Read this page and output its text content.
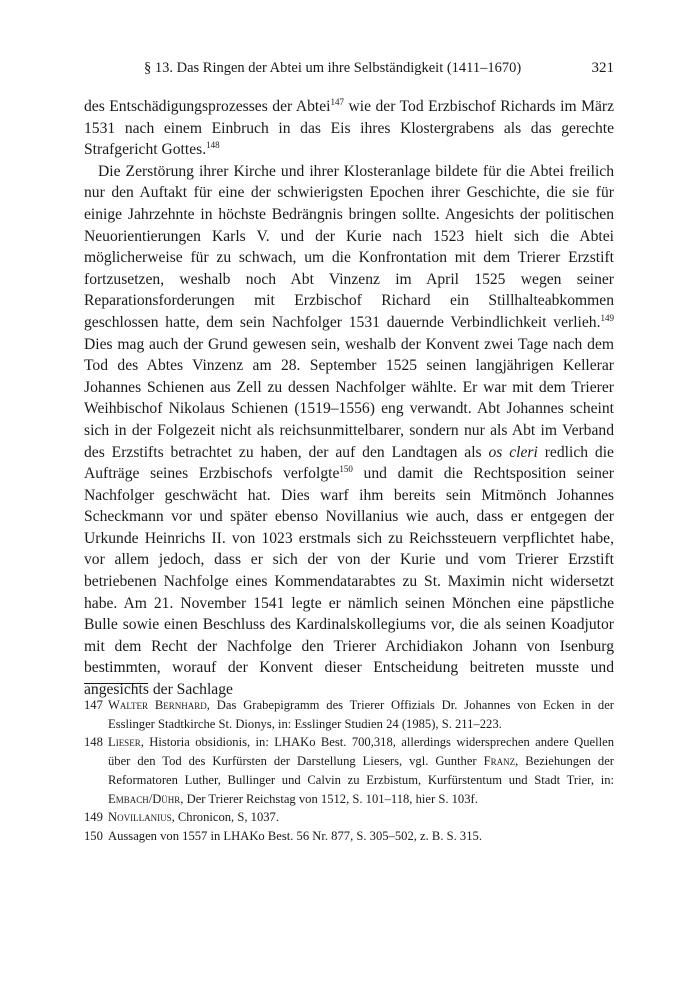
§ 13. Das Ringen der Abtei um ihre Selbständigkeit (1411–1670)	321

des Entschädigungsprozesses der Abtei$^{147}$ wie der Tod Erzbischof Richards im März 1531 nach einem Einbruch in das Eis ihres Klostergrabens als das gerechte Strafgericht Gottes.$^{148}$

Die Zerstörung ihrer Kirche und ihrer Klosteranlage bildete für die Abtei freilich nur den Auftakt für eine der schwierigsten Epochen ihrer Geschichte, die sie für einige Jahrzehnte in höchste Bedrängnis bringen sollte. Angesichts der politischen Neuorientierungen Karls V. und der Kurie nach 1523 hielt sich die Abtei möglicherweise für zu schwach, um die Konfrontation mit dem Trierer Erzstift fortzusetzen, weshalb noch Abt Vinzenz im April 1525 wegen seiner Reparationsforderungen mit Erzbischof Richard ein Stillhalteabkommen geschlossen hatte, dem sein Nachfolger 1531 dauernde Verbindlichkeit verlieh.$^{149}$ Dies mag auch der Grund gewesen sein, weshalb der Konvent zwei Tage nach dem Tod des Abtes Vinzenz am 28. September 1525 seinen langjährigen Kellerar Johannes Schienen aus Zell zu dessen Nachfolger wählte. Er war mit dem Trierer Weihbischof Nikolaus Schienen (1519–1556) eng verwandt. Abt Johannes scheint sich in der Folgezeit nicht als reichsunmittelbarer, sondern nur als Abt im Verband des Erzstifts betrachtet zu haben, der auf den Landtagen als os cleri redlich die Aufträge seines Erzbischofs verfolgte$^{150}$ und damit die Rechtsposition seiner Nachfolger geschwächt hat. Dies warf ihm bereits sein Mitmönch Johannes Scheckmann vor und später ebenso Novillanius wie auch, dass er entgegen der Urkunde Heinrichs II. von 1023 erstmals sich zu Reichssteuern verpflichtet habe, vor allem jedoch, dass er sich der von der Kurie und vom Trierer Erzstift betriebenen Nachfolge eines Kommendatarabtes zu St. Maximin nicht widersetzt habe. Am 21. November 1541 legte er nämlich seinen Mönchen eine päpstliche Bulle sowie einen Beschluss des Kardinalskollegiums vor, die als seinen Koadjutor mit dem Recht der Nachfolge den Trierer Archidiakon Johann von Isenburg bestimmten, worauf der Konvent dieser Entscheidung beitreten musste und angesichts der Sachlage

147 Walter Bernhard, Das Grabepigramm des Trierer Offizials Dr. Johannes von Ecken in der Esslinger Stadtkirche St. Dionys, in: Esslinger Studien 24 (1985), S. 211–223.
148 Lieser, Historia obsidionis, in: LHAKo Best. 700,318, allerdings widersprechen andere Quellen über den Tod des Kurfürsten der Darstellung Liesers, vgl. Gunther Franz, Beziehungen der Reformatoren Luther, Bullinger und Calvin zu Erzbistum, Kurfürstentum und Stadt Trier, in: Embach/Dühr, Der Trierer Reichstag von 1512, S. 101–118, hier S. 103f.
149 Novillanius, Chronicon, S, 1037.
150 Aussagen von 1557 in LHAKo Best. 56 Nr. 877, S. 305–502, z. B. S. 315.
